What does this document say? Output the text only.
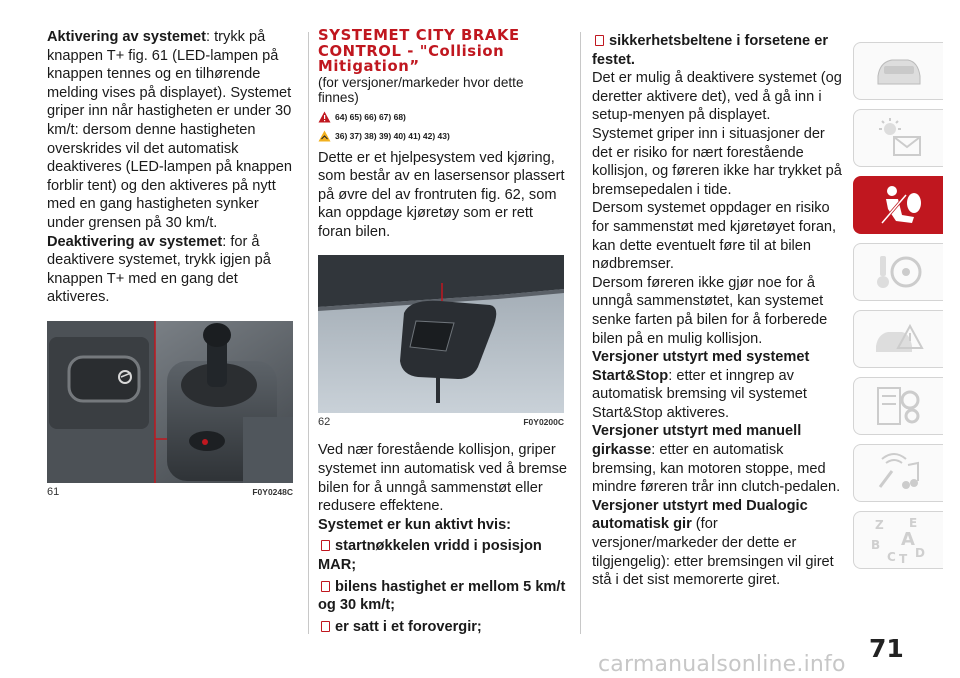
Aktivering av systemet: trykk på knappen T+ fig. 61 (LED-lampen på knappen tennes og en tilhørende melding vises på displayet). Systemet griper inn når hastigheten er under 30 km/t: dersom denne hastigheten overskrides vil det automatisk deaktiveres (LED-lampen på knappen forblir tent) og den aktiveres på nytt med en gang hastigheten synker under grensen på 30 km/t.

Deaktivering av systemet: for å deaktivere systemet, trykk igjen på knappen T+ med en gang det aktiveres.

61	F0Y0248C
SYSTEMET CITY BRAKE CONTROL - "Collision Mitigation”

(for versjoner/markeder hvor dette finnes)

64) 65) 66) 67) 68)
36) 37) 38) 39) 40) 41) 42) 43)

Dette er et hjelpesystem ved kjøring, som består av en lasersensor plassert på øvre del av frontruten fig. 62, som kan oppdage kjøretøy som er rett foran bilen.

62	F0Y0200C

Ved nær forestående kollisjon, griper systemet inn automatisk ved å bremse bilen for å unngå sammenstøt eller redusere effektene.

Systemet er kun aktivt hvis:

startnøkkelen vridd i posisjon MAR;

bilens hastighet er mellom 5 km/t og 30 km/t;

er satt i et forovergir;

sikkerhetsbeltene i forsetene er festet.

Det er mulig å deaktivere systemet (og deretter aktivere det), ved å gå inn i setup-menyen på displayet.

Systemet griper inn i situasjoner der det er risiko for nært forestående kollisjon, og føreren ikke har trykket på bremsepedalen i tide.

Dersom systemet oppdager en risiko for sammenstøt med kjøretøyet foran, kan dette eventuelt føre til at bilen nødbremser.

Dersom føreren ikke gjør noe for å unngå sammenstøtet, kan systemet senke farten på bilen for å forberede bilen på en mulig kollisjon.

Versjoner utstyrt med systemet Start&Stop: etter et inngrep av automatisk bremsing vil systemet Start&Stop aktiveres.

Versjoner utstyrt med manuell girkasse: etter en automatisk bremsing, kan motoren stoppe, med mindre føreren trår inn clutch-pedalen.

Versjoner utstyrt med Dualogic automatisk gir (for versjoner/markeder der dette er tilgjengelig): etter bremsingen vil giret stå i det sist memorerte giret.

Z E
B A
C T D
71
carmanualsonline.info
